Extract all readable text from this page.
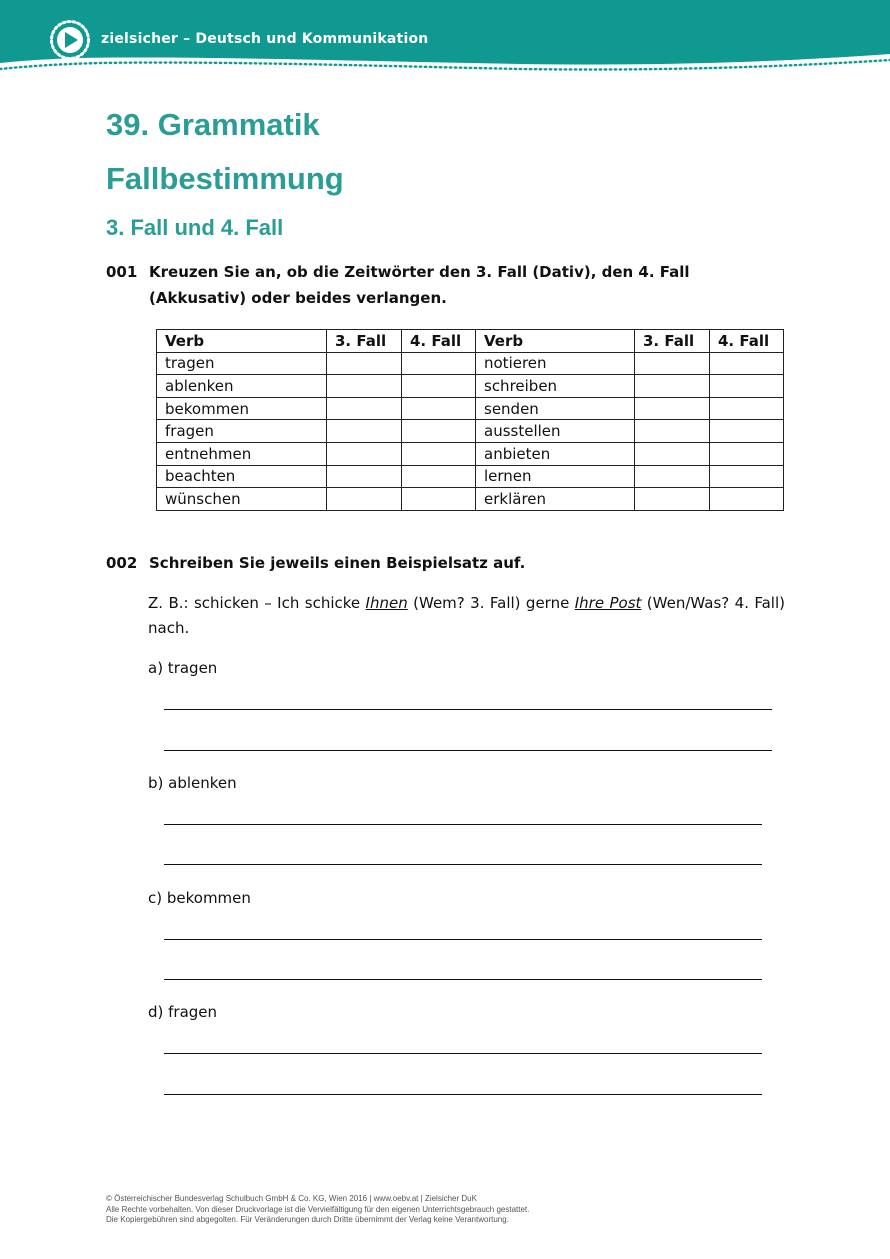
zielsicher – Deutsch und Kommunikation
39. Grammatik
Fallbestimmung
3. Fall und 4. Fall
001 Kreuzen Sie an, ob die Zeitwörter den 3. Fall (Dativ), den 4. Fall (Akkusativ) oder beides verlangen.
Verb	3. Fall	4. Fall	Verb	3. Fall	4. Fall
tragen			notieren		
ablenken			schreiben		
bekommen			senden		
fragen			ausstellen		
entnehmen			anbieten		
beachten			lernen		
wünschen			erklären		
002 Schreiben Sie jeweils einen Beispielsatz auf.
Z. B.: schicken – Ich schicke Ihnen (Wem? 3. Fall) gerne Ihre Post (Wen/Was? 4. Fall) nach.
a) tragen
b) ablenken
c) bekommen
d) fragen
© Österreichischer Bundesverlag Schulbuch GmbH & Co. KG, Wien 2016 | www.oebv.at | Zielsicher DuK
Alle Rechte vorbehalten. Von dieser Druckvorlage ist die Vervielfältigung für den eigenen Unterrichtsgebrauch gestattet.
Die Kopiergebühren sind abgegolten. Für Veränderungen durch Dritte übernimmt der Verlag keine Verantwortung.
